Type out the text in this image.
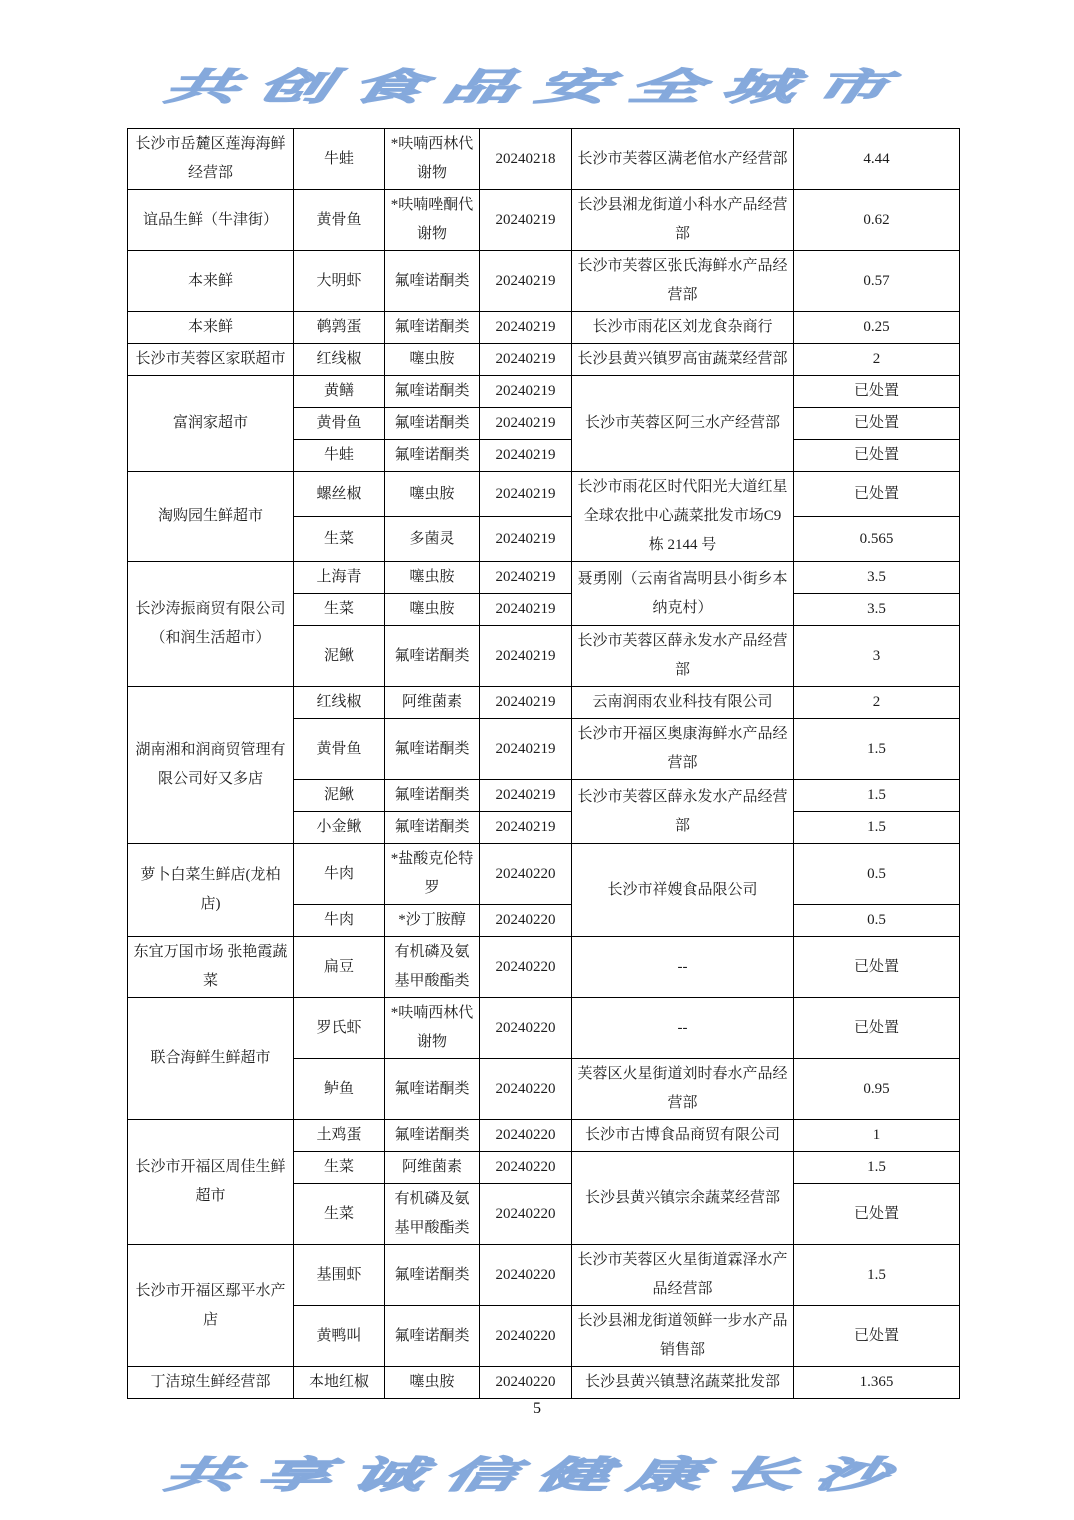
共创食品安全城市
长沙市岳麓区莲海海鲜经营部	牛蛙	*呋喃西林代谢物	20240218	长沙市芙蓉区满老倌水产经营部	4.44
谊品生鲜（牛津街）	黄骨鱼	*呋喃唑酮代谢物	20240219	长沙县湘龙街道小科水产品经营部	0.62
本来鲜	大明虾	氟喹诺酮类	20240219	长沙市芙蓉区张氏海鲜水产品经营部	0.57
本来鲜	鹌鹑蛋	氟喹诺酮类	20240219	长沙市雨花区刘龙食杂商行	0.25
长沙市芙蓉区家联超市	红线椒	噻虫胺	20240219	长沙县黄兴镇罗高宙蔬菜经营部	2
富润家超市	黄鳝	氟喹诺酮类	20240219	长沙市芙蓉区阿三水产经营部	已处置
	黄骨鱼	氟喹诺酮类	20240219		已处置
	牛蛙	氟喹诺酮类	20240219		已处置
淘购园生鲜超市	螺丝椒	噻虫胺	20240219	长沙市雨花区时代阳光大道红星全球农批中心蔬菜批发市场C9 栋 2144 号	已处置
	生菜	多菌灵	20240219		0.565
长沙涛振商贸有限公司（和润生活超市）	上海青	噻虫胺	20240219	聂勇刚（云南省嵩明县小街乡本纳克村）	3.5
	生菜	噻虫胺	20240219		3.5
	泥鳅	氟喹诺酮类	20240219	长沙市芙蓉区薛永发水产品经营部	3
湖南湘和润商贸管理有限公司好又多店	红线椒	阿维菌素	20240219	云南润雨农业科技有限公司	2
	黄骨鱼	氟喹诺酮类	20240219	长沙市开福区奥康海鲜水产品经营部	1.5
	泥鳅	氟喹诺酮类	20240219	长沙市芙蓉区薛永发水产品经营部	1.5
	小金鳅	氟喹诺酮类	20240219		1.5
萝卜白菜生鲜店(龙柏店)	牛肉	*盐酸克伦特罗	20240220	长沙市祥嫂食品限公司	0.5
	牛肉	*沙丁胺醇	20240220		0.5
东宜万国市场 张艳霞蔬菜	扁豆	有机磷及氨基甲酸酯类	20240220	--	已处置
联合海鲜生鲜超市	罗氏虾	*呋喃西林代谢物	20240220	--	已处置
	鲈鱼	氟喹诺酮类	20240220	芙蓉区火星街道刘时春水产品经营部	0.95
长沙市开福区周佳生鲜超市	土鸡蛋	氟喹诺酮类	20240220	长沙市古博食品商贸有限公司	1
	生菜	阿维菌素	20240220	长沙县黄兴镇宗余蔬菜经营部	1.5
	生菜	有机磷及氨基甲酸酯类	20240220		已处置
长沙市开福区鄢平水产店	基围虾	氟喹诺酮类	20240220	长沙市芙蓉区火星街道霖泽水产品经营部	1.5
	黄鸭叫	氟喹诺酮类	20240220	长沙县湘龙街道领鲜一步水产品销售部	已处置
丁洁琼生鲜经营部	本地红椒	噻虫胺	20240220	长沙县黄兴镇慧洺蔬菜批发部	1.365
5
共享诚信健康长沙
